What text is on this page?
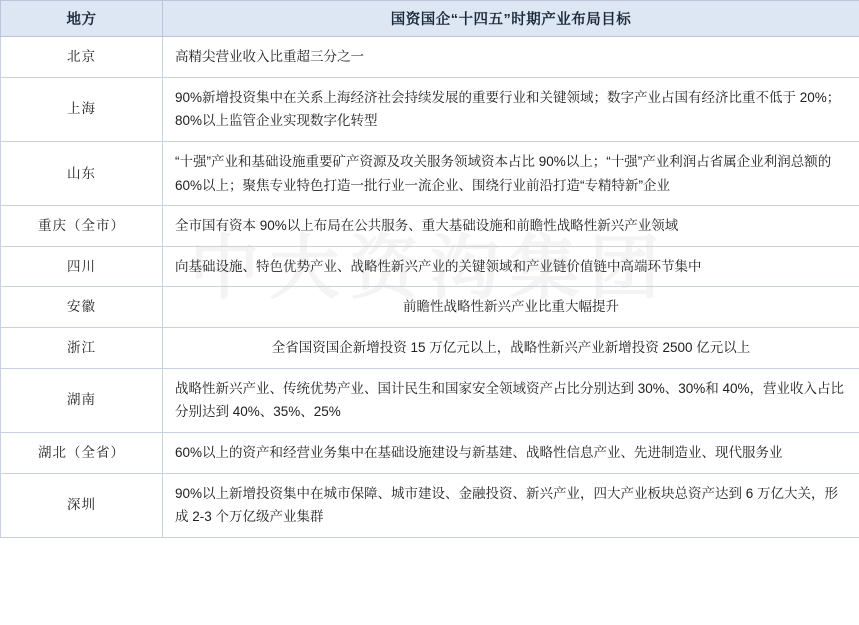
地方	国资国企“十四五”时期产业布局目标
北京	高精尖营业收入比重超三分之一
上海	90%新增投资集中在关系上海经济社会持续发展的重要行业和关键领域；数字产业占国有经济比重不低于 20%；80%以上监管企业实现数字化转型
山东	“十强”产业和基础设施重要矿产资源及攻关服务领域资本占比 90%以上；“十强”产业利润占省属企业利润总额的 60%以上；聚焦专业特色打造一批行业一流企业、围绕行业前沿打造“专精特新”企业
重庆（全市）	全市国有资本 90%以上布局在公共服务、重大基础设施和前瞻性战略性新兴产业领域
四川	向基础设施、特色优势产业、战略性新兴产业的关键领域和产业链价值链中高端环节集中
安徽	前瞻性战略性新兴产业比重大幅提升
浙江	全省国资国企新增投资 15 万亿元以上，战略性新兴产业新增投资 2500 亿元以上
湖南	战略性新兴产业、传统优势产业、国计民生和国家安全领域资产占比分别达到 30%、30%和 40%，营业收入占比分别达到 40%、35%、25%
湖北（全省）	60%以上的资产和经营业务集中在基础设施建设与新基建、战略性信息产业、先进制造业、现代服务业
深圳	90%以上新增投资集中在城市保障、城市建设、金融投资、新兴产业，四大产业板块总资产达到 6 万亿大关，形成 2-3 个万亿级产业集群
